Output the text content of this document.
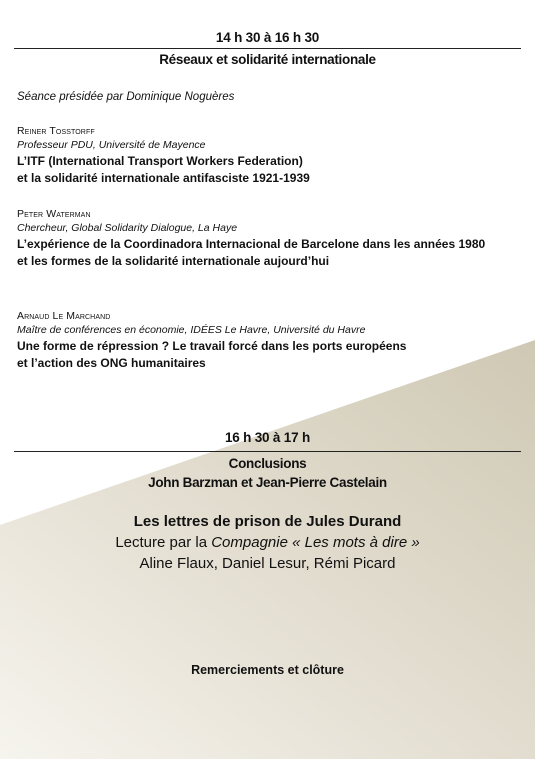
14 h 30 à 16 h 30
Réseaux et solidarité internationale
Séance présidée par Dominique Noguères
Reiner Tosstorff
Professeur PDU, Université de Mayence
L’ITF (International Transport Workers Federation)
et la solidarité internationale antifasciste 1921-1939
Peter Waterman
Chercheur, Global Solidarity Dialogue, La Haye
L’expérience de la Coordinadora Internacional de Barcelone dans les années 1980
et les formes de la solidarité internationale aujourd’hui
Arnaud Le Marchand
Maître de conférences en économie, IDÉES Le Havre, Université du Havre
Une forme de répression ? Le travail forcé dans les ports européens
et l’action des ONG humanitaires
16 h 30 à 17 h
Conclusions
John Barzman et Jean-Pierre Castelain
Les lettres de prison de Jules Durand
Lecture par la Compagnie « Les mots à dire »
Aline Flaux, Daniel Lesur, Rémi Picard
Remerciements et clôture
